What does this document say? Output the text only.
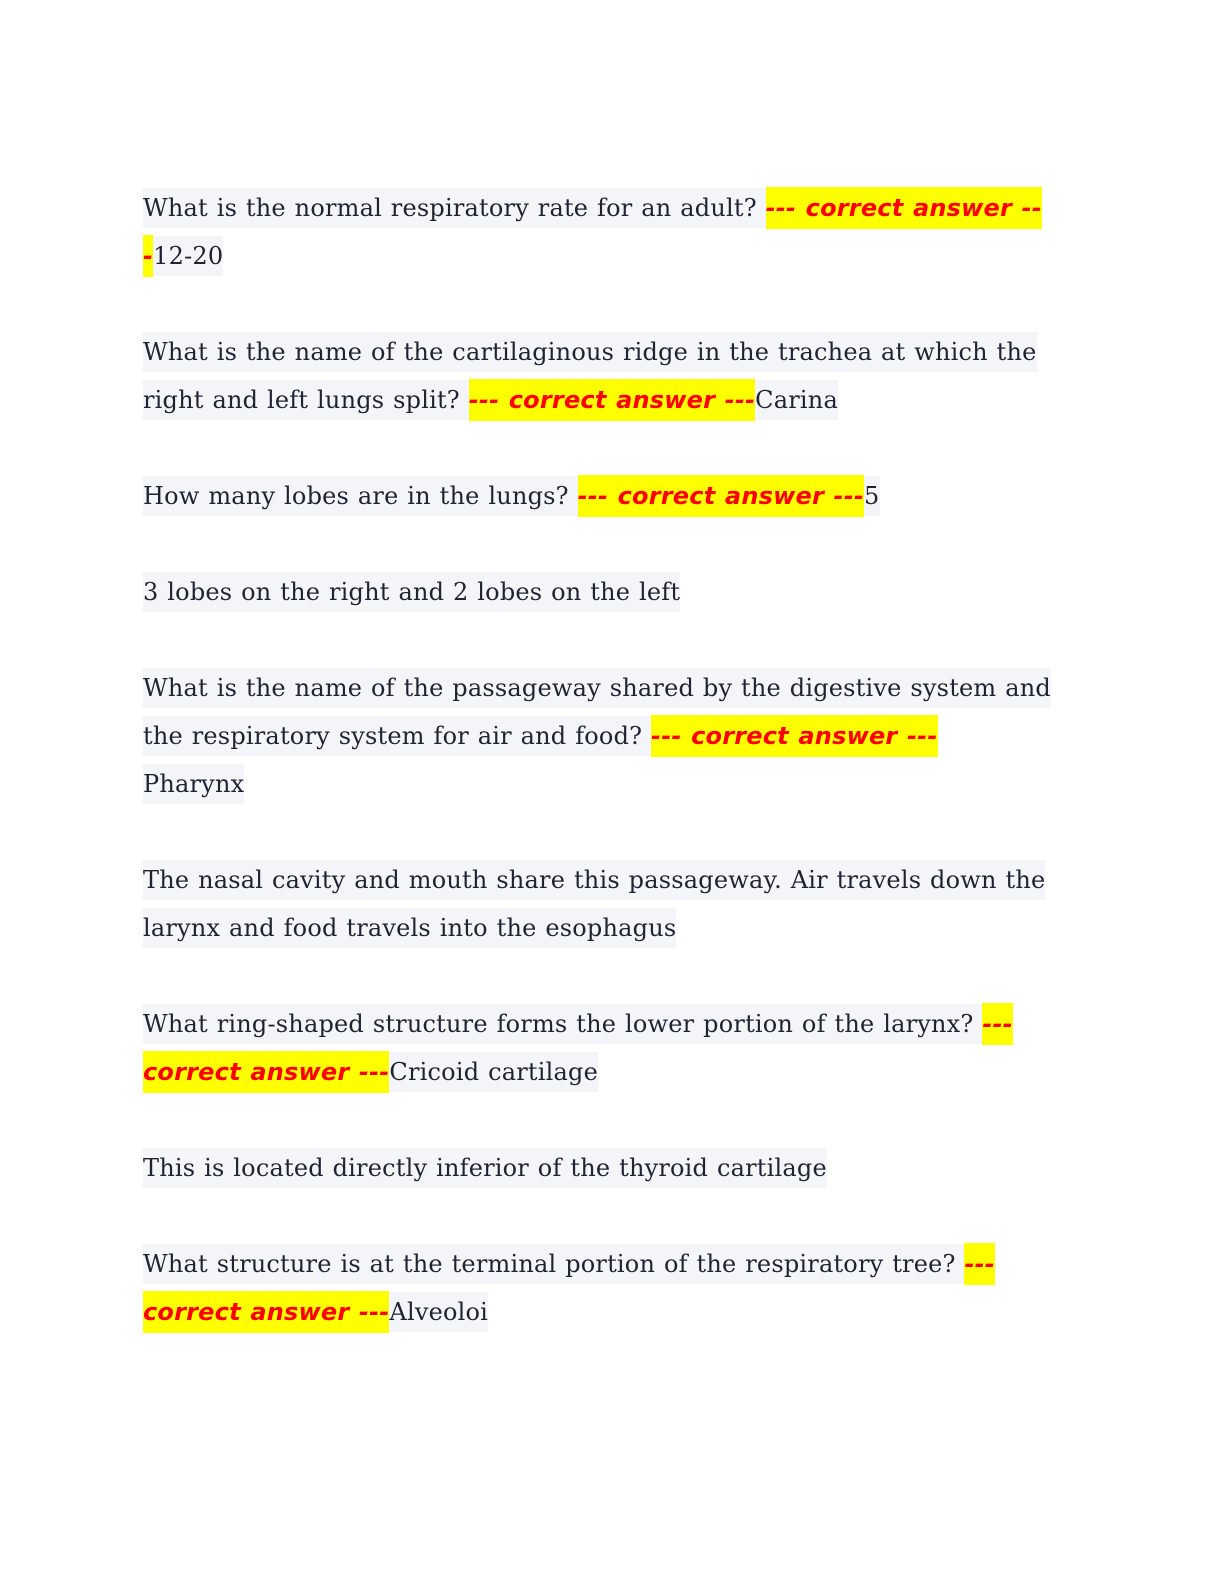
What is the normal respiratory rate for an adult? --- correct answer ---12-20

What is the name of the cartilaginous ridge in the trachea at which the right and left lungs split? --- correct answer ---Carina

How many lobes are in the lungs? --- correct answer ---5

3 lobes on the right and 2 lobes on the left

What is the name of the passageway shared by the digestive system and the respiratory system for air and food? --- correct answer ---
Pharynx

The nasal cavity and mouth share this passageway. Air travels down the larynx and food travels into the esophagus

What ring-shaped structure forms the lower portion of the larynx? --- correct answer ---Cricoid cartilage

This is located directly inferior of the thyroid cartilage

What structure is at the terminal portion of the respiratory tree? --- correct answer ---Alveoloi
